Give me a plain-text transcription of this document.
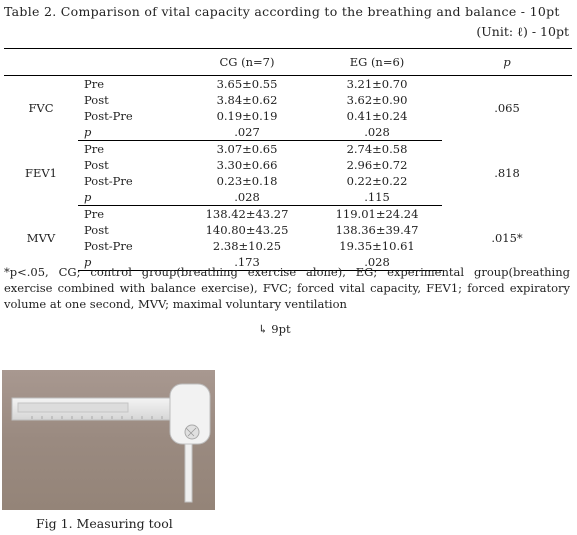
Table 2. Comparison of vital capacity according to the breathing and balance - 10pt
(Unit: ℓ) - 10pt
		CG (n=7)	EG (n=6)	p
FVC	Pre	3.65±0.55	3.21±0.70	.065
	Post	3.84±0.62	3.62±0.90	
	Post-Pre	0.19±0.19	0.41±0.24	
	p	.027	.028	
FEV1	Pre	3.07±0.65	2.74±0.58	.818
	Post	3.30±0.66	2.96±0.72	
	Post-Pre	0.23±0.18	0.22±0.22	
	p	.028	.115	
MVV	Pre	138.42±43.27	119.01±24.24	.015*
	Post	140.80±43.25	138.36±39.47	
	Post-Pre	2.38±10.25	19.35±10.61	
	p	.173	.028	
*p<.05, CG; control group(breathing exercise alone), EG; experimental group(breathing exercise combined with balance exercise), FVC; forced vital capacity, FEV1; forced expiratory volume at one second, MVV; maximal voluntary ventilation
↳ 9pt
Fig 1. Measuring tool
